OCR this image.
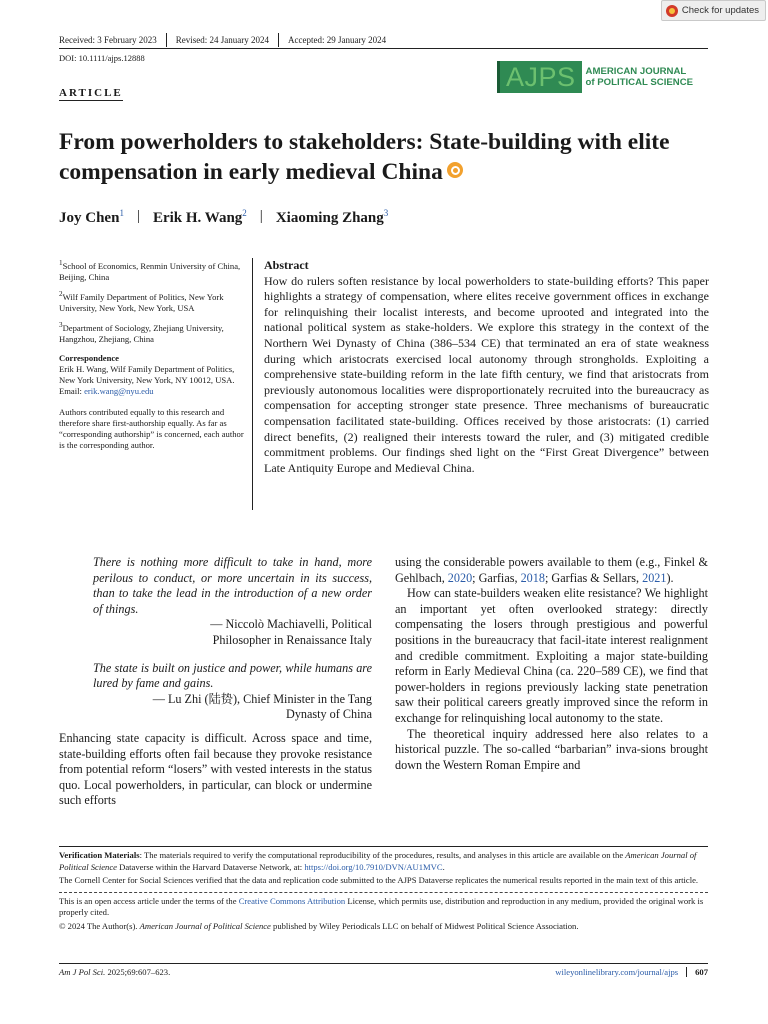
Check for updates
Received: 3 February 2023	Revised: 24 January 2024	Accepted: 29 January 2024
DOI: 10.1111/ajps.12888
AJPS	AMERICAN JOURNAL
of POLITICAL SCIENCE
ARTICLE
From powerholders to stakeholders: State-building with elite compensation in early medieval China
Joy Chen$^1$ | Erik H. Wang$^2$ | Xiaoming Zhang$^3$

$^1$School of Economics, Renmin University of China, Beijing, China

$^2$Wilf Family Department of Politics, New York University, New York, New York, USA

$^3$Department of Sociology, Zhejiang University, Hangzhou, Zhejiang, China

Correspondence

Erik H. Wang, Wilf Family Department of Politics, New York University, New York, NY 10012, USA.
Email: erik.wang@nyu.edu

Authors contributed equally to this research and therefore share first-authorship equally. As far as “corresponding authorship” is concerned, each author is the corresponding author.

Abstract

How do rulers soften resistance by local powerholders to state-building efforts? This paper highlights a strategy of compensation, where elites receive government offices in exchange for relinquishing their localist interests, and become uprooted and integrated into the national political system as stake-holders. We explore this strategy in the context of the Northern Wei Dynasty of China (386–534 CE) that terminated an era of state weakness during which aristocrats exercised local autonomy through strongholds. Exploiting a comprehensive state-building reform in the late fifth century, we find that aristocrats from previously autonomous localities were disproportionately recruited into the bureaucracy as compensation for accepting stronger state presence. Three mechanisms of bureaucratic compensation facilitated state-building. Offices received by those aristocrats: (1) carried direct benefits, (2) realigned their interests toward the ruler, and (3) mitigated credible commitment problems. Our findings shed light on the “First Great Divergence” between Late Antiquity Europe and Medieval China.

There is nothing more difficult to take in hand, more perilous to conduct, or more uncertain in its success, than to take the lead in the introduction of a new order of things.
— Niccolò Machiavelli, Political
Philosopher in Renaissance Italy
The state is built on justice and power, while humans are lured by fame and gains.
— Lu Zhi (陆贽), Chief Minister in the Tang
Dynasty of China

Enhancing state capacity is difficult. Across space and time, state-building efforts often fail because they provoke resistance from potential reform “losers” with vested interests in the status quo. Local powerholders, in particular, can block or undermine such efforts

using the considerable powers available to them (e.g., Finkel & Gehlbach, 2020; Garfias, 2018; Garfias & Sellars, 2021).

How can state-builders weaken elite resistance? We highlight an important yet often overlooked strategy: directly compensating the losers through prestigious and powerful positions in the bureaucracy that facil-itate interest realignment and credible commitment. Exploiting a major state-building reform in Early Medieval China (ca. 220–589 CE), we find that power-holders in regions previously lacking state penetration saw their political careers greatly improved since the reform in exchange for relinquishing local autonomy to the state.

The theoretical inquiry addressed here also relates to a historical puzzle. The so-called “barbarian” inva-sions brought down the Western Roman Empire and

Verification Materials: The materials required to verify the computational reproducibility of the procedures, results, and analyses in this article are available on the American Journal of Political Science Dataverse within the Harvard Dataverse Network, at: https://doi.org/10.7910/DVN/AU1MVC.

The Cornell Center for Social Sciences verified that the data and replication code submitted to the AJPS Dataverse replicates the numerical results reported in the main text of this article.

This is an open access article under the terms of the Creative Commons Attribution License, which permits use, distribution and reproduction in any medium, provided the original work is properly cited.

© 2024 The Author(s). American Journal of Political Science published by Wiley Periodicals LLC on behalf of Midwest Political Science Association.

Am J Pol Sci. 2025;69:607–623.	wileyonlinelibrary.com/journal/ajps	607
